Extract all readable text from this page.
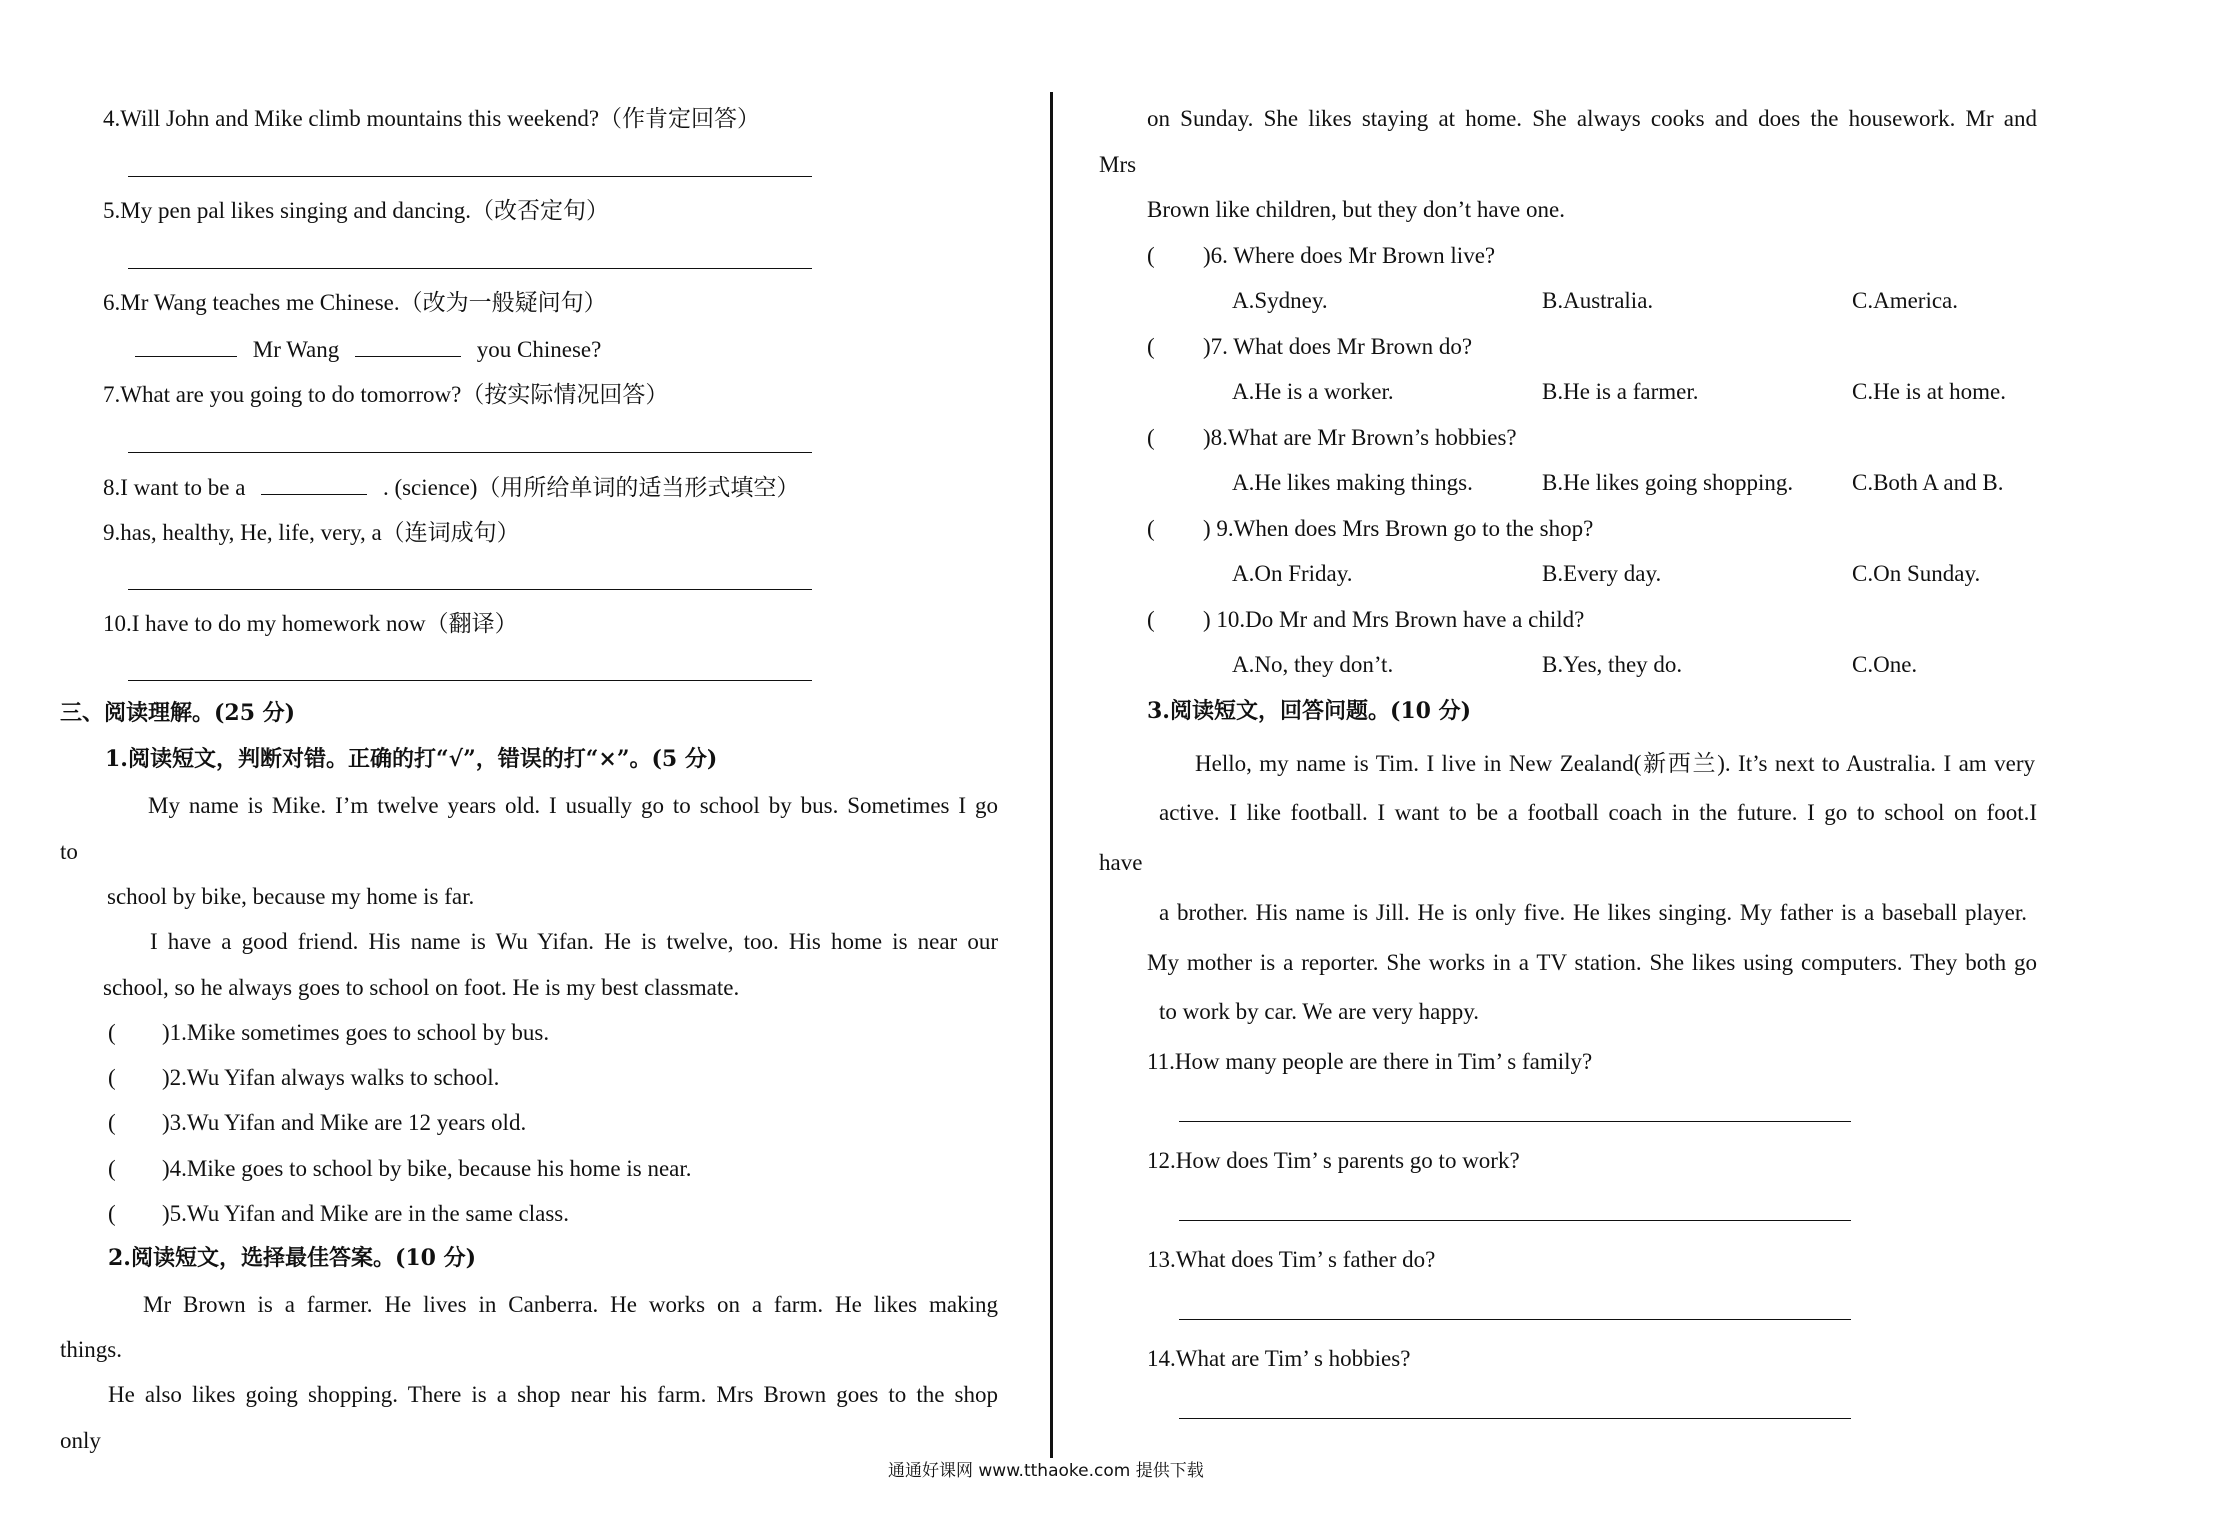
4.Will John and Mike climb mountains this weekend?（作肯定回答）
5.My pen pal likes singing and dancing.（改否定句）
6.Mr Wang teaches me Chinese.（改为一般疑问句）
Mr Wang	you Chinese?
7.What are you going to do tomorrow?（按实际情况回答）
8.I want to be a	. (science)（用所给单词的适当形式填空）
9.has, healthy, He, life, very, a（连词成句）
10.I have to do my homework now（翻译）
三、阅读理解。(25 分)
1.阅读短文，判断对错。正确的打“√”，错误的打“×”。(5 分)
My name is Mike. I’m twelve years old. I usually go to school by bus. Sometimes I go
to
school by bike, because my home is far.
I have a good friend. His name is Wu Yifan. He is twelve, too. His home is near our
school, so he always goes to school on foot. He is my best classmate.
( )1.Mike sometimes goes to school by bus.
( )2.Wu Yifan always walks to school.
( )3.Wu Yifan and Mike are 12 years old.
( )4.Mike goes to school by bike, because his home is near.
( )5.Wu Yifan and Mike are in the same class.
2.阅读短文，选择最佳答案。(10 分)
Mr Brown is a farmer. He lives in Canberra. He works on a farm. He likes making
things.
He also likes going shopping. There is a shop near his farm. Mrs Brown goes to the shop
only
on Sunday. She likes staying at home. She always cooks and does the housework. Mr and
Mrs
Brown like children, but they don’t have one.
( )6. Where does Mr Brown live?
A.Sydney.	B.Australia.	C.America.
( )7. What does Mr Brown do?
A.He is a worker.	B.He is a farmer.	C.He is at home.
( )8.What are Mr Brown’s hobbies?
A.He likes making things.	B.He likes going shopping.	C.Both A and B.
( ) 9.When does Mrs Brown go to the shop?
A.On Friday.	B.Every day.	C.On Sunday.
( ) 10.Do Mr and Mrs Brown have a child?
A.No, they don’t.	B.Yes, they do.	C.One.
3.阅读短文，回答问题。(10 分)
Hello, my name is Tim. I live in New Zealand(新西兰). It’s next to Australia. I am very
active. I like football. I want to be a football coach in the future. I go to school on foot.I
have
a brother. His name is Jill. He is only five. He likes singing. My father is a baseball player.
My mother is a reporter. She works in a TV station. She likes using computers. They both go
to work by car. We are very happy.
11.How many people are there in Tim’ s family?
12.How does Tim’ s parents go to work?
13.What does Tim’ s father do?
14.What are Tim’ s hobbies?
通通好课网 www.tthaoke.com 提供下载
